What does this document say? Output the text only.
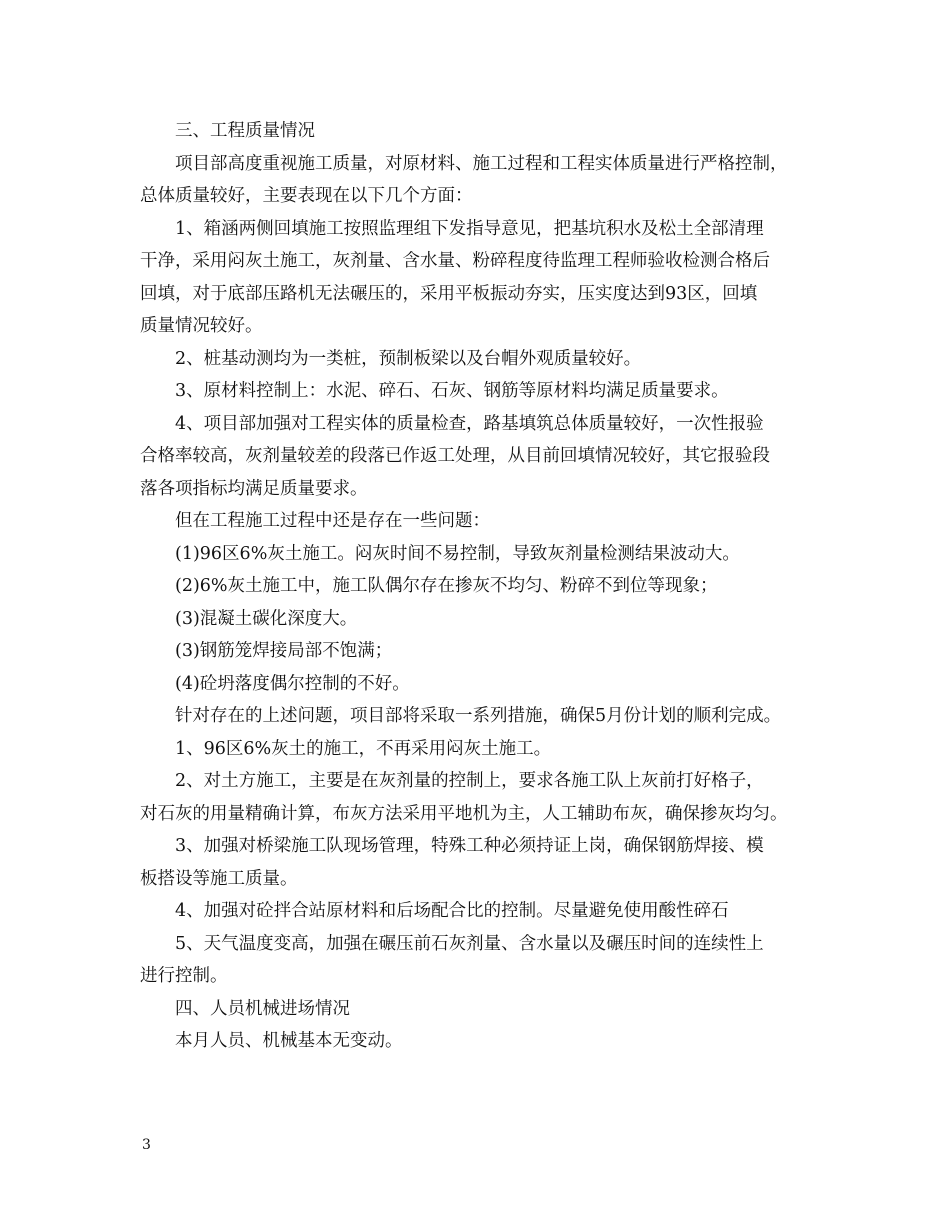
三、工程质量情况
项目部高度重视施工质量，对原材料、施工过程和工程实体质量进行严格控制，
总体质量较好，主要表现在以下几个方面：
1、箱涵两侧回填施工按照监理组下发指导意见，把基坑积水及松土全部清理
干净，采用闷灰土施工，灰剂量、含水量、粉碎程度待监理工程师验收检测合格后
回填，对于底部压路机无法碾压的，采用平板振动夯实，压实度达到93区，回填
质量情况较好。
2、桩基动测均为一类桩，预制板梁以及台帽外观质量较好。
3、原材料控制上：水泥、碎石、石灰、钢筋等原材料均满足质量要求。
4、项目部加强对工程实体的质量检查，路基填筑总体质量较好，一次性报验
合格率较高，灰剂量较差的段落已作返工处理，从目前回填情况较好，其它报验段
落各项指标均满足质量要求。
但在工程施工过程中还是存在一些问题：
(1)96区6%灰土施工。闷灰时间不易控制，导致灰剂量检测结果波动大。
(2)6%灰土施工中，施工队偶尔存在掺灰不均匀、粉碎不到位等现象；
(3)混凝土碳化深度大。
(3)钢筋笼焊接局部不饱满；
(4)砼坍落度偶尔控制的不好。
针对存在的上述问题，项目部将采取一系列措施，确保5月份计划的顺利完成。
1、96区6%灰土的施工，不再采用闷灰土施工。
2、对土方施工，主要是在灰剂量的控制上，要求各施工队上灰前打好格子，
对石灰的用量精确计算，布灰方法采用平地机为主，人工辅助布灰，确保掺灰均匀。
3、加强对桥梁施工队现场管理，特殊工种必须持证上岗，确保钢筋焊接、模
板搭设等施工质量。
4、加强对砼拌合站原材料和后场配合比的控制。尽量避免使用酸性碎石
5、天气温度变高，加强在碾压前石灰剂量、含水量以及碾压时间的连续性上
进行控制。
四、人员机械进场情况
本月人员、机械基本无变动。
3
